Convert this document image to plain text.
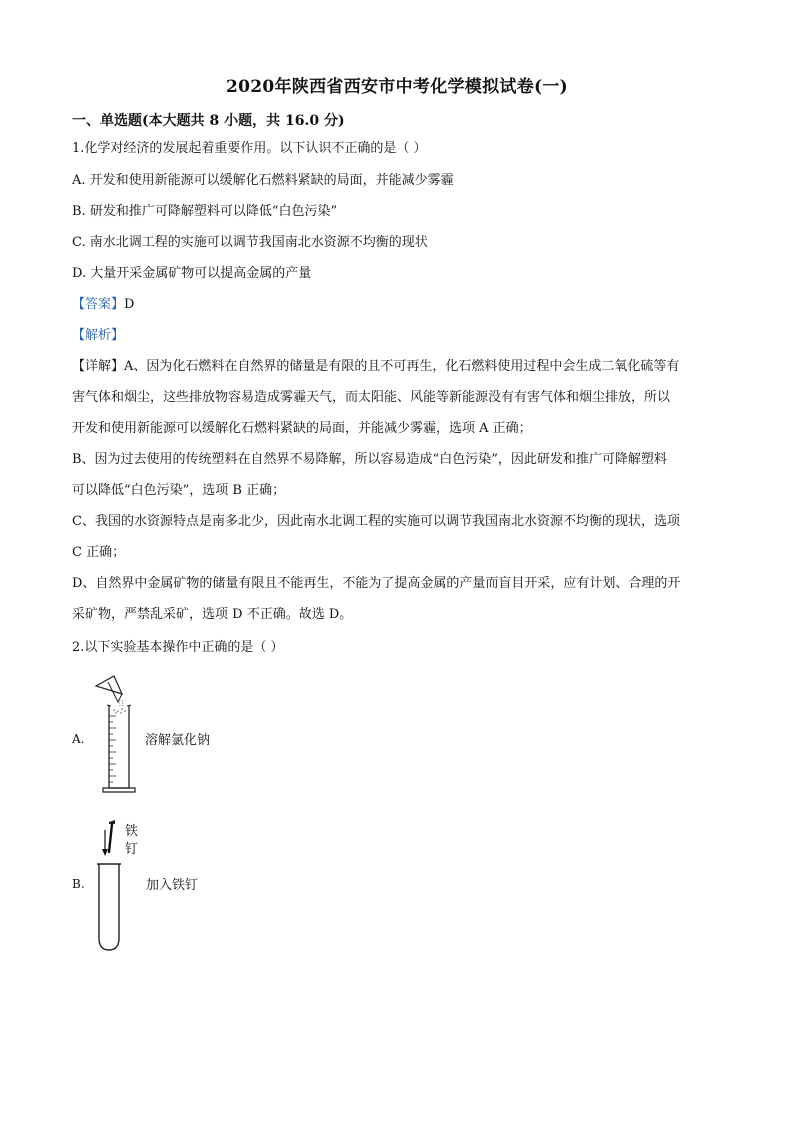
2020年陕西省西安市中考化学模拟试卷(一)
一、单选题(本大题共 8 小题，共 16.0 分)
1.化学对经济的发展起着重要作用。以下认识不正确的是（ ）
A. 开发和使用新能源可以缓解化石燃料紧缺的局面，并能减少雾霾
B. 研发和推广可降解塑料可以降低“白色污染”
C. 南水北调工程的实施可以调节我国南北水资源不均衡的现状
D. 大量开采金属矿物可以提高金属的产量
【答案】D
【解析】
【详解】A、因为化石燃料在自然界的储量是有限的且不可再生，化石燃料使用过程中会生成二氧化硫等有
害气体和烟尘，这些排放物容易造成雾霾天气，而太阳能、风能等新能源没有有害气体和烟尘排放，所以
开发和使用新能源可以缓解化石燃料紧缺的局面，并能减少雾霾，选项 A 正确；
B、因为过去使用的传统塑料在自然界不易降解，所以容易造成“白色污染”，因此研发和推广可降解塑料
可以降低“白色污染”，选项 B 正确；
C、我国的水资源特点是南多北少，因此南水北调工程的实施可以调节我国南北水资源不均衡的现状，选项
C 正确；
D、自然界中金属矿物的储量有限且不能再生，不能为了提高金属的产量而盲目开采，应有计划、合理的开
采矿物，严禁乱采矿，选项 D 不正确。故选 D。
2.以下实验基本操作中正确的是（ ）
A.	溶解氯化钠
B.
铁
钉
加入铁钉
